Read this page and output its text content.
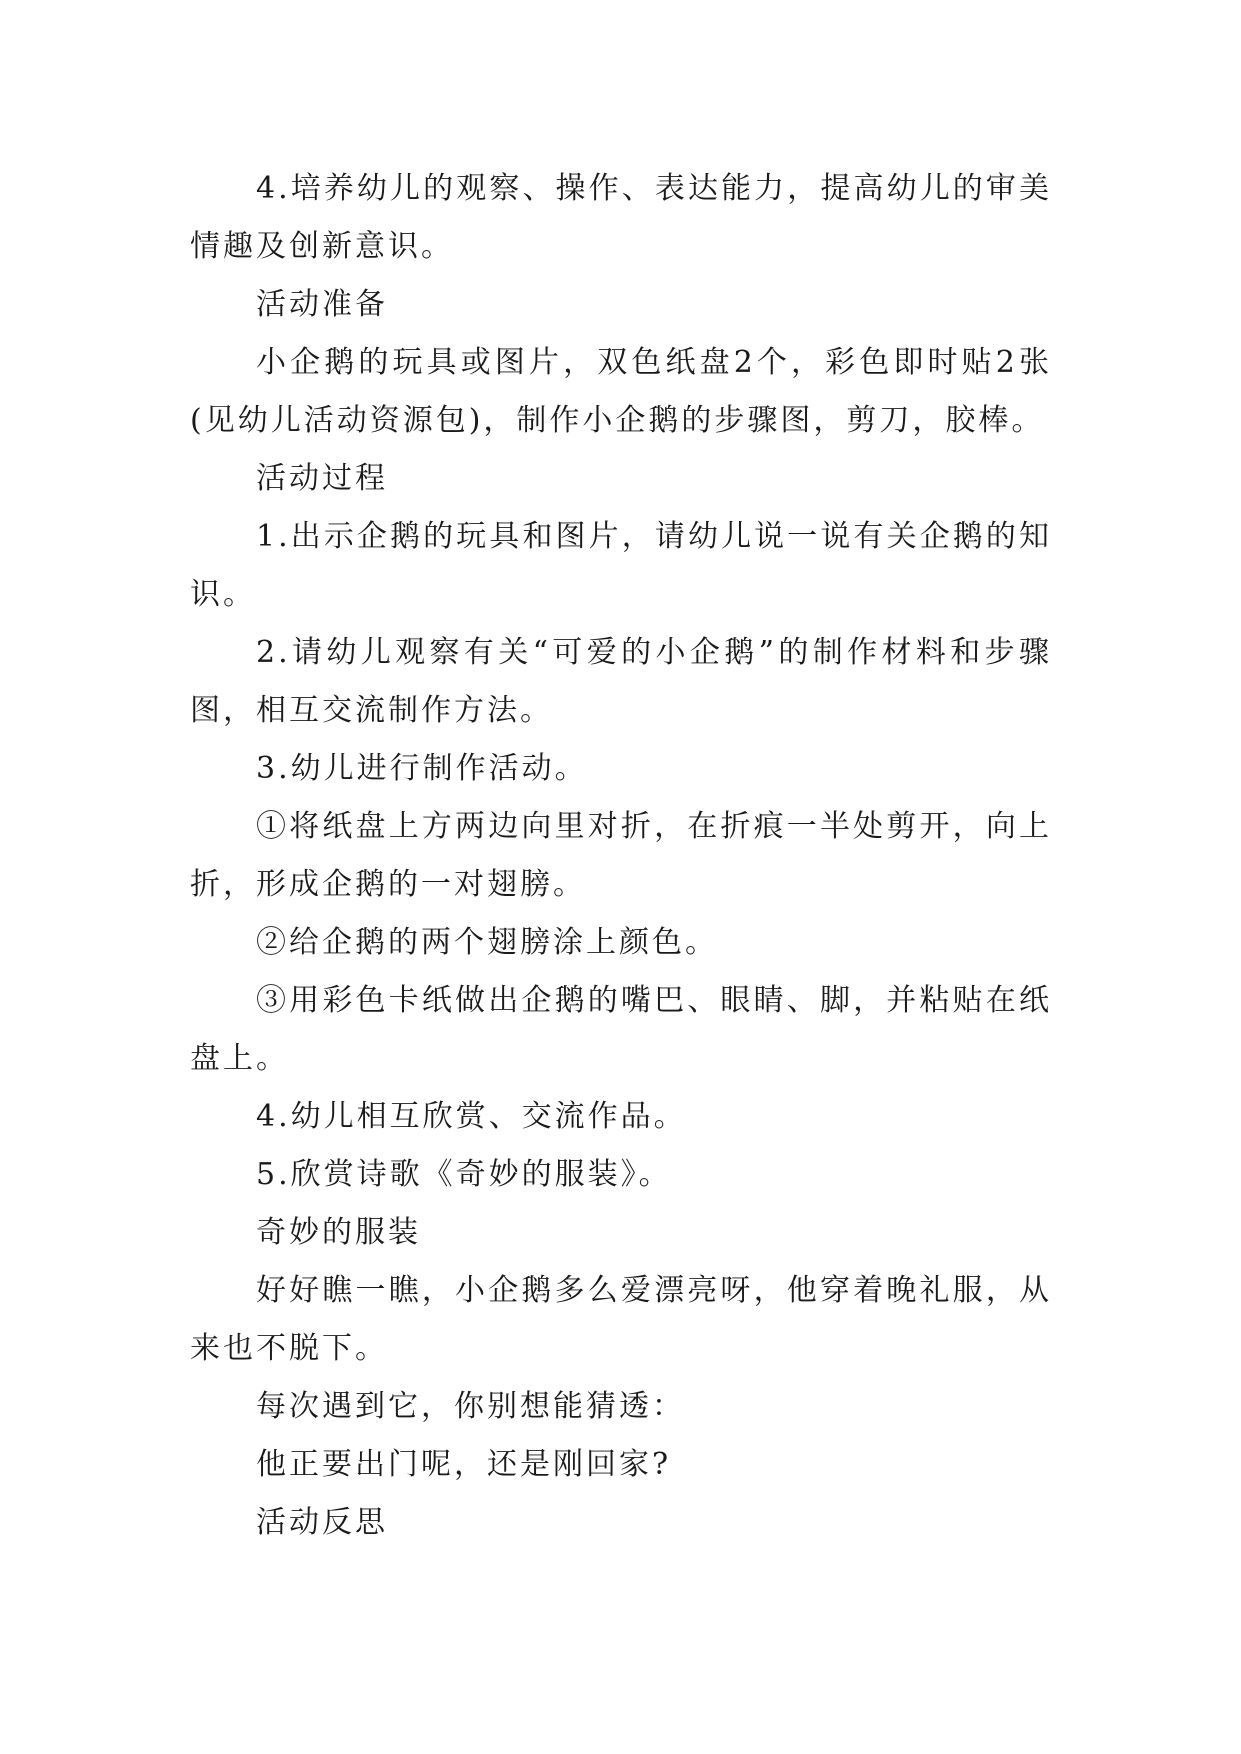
4.培养幼儿的观察、操作、表达能力，提高幼儿的审美情趣及创新意识。

活动准备

小企鹅的玩具或图片，双色纸盘2个，彩色即时贴2张(见幼儿活动资源包)，制作小企鹅的步骤图，剪刀，胶棒。

活动过程

1.出示企鹅的玩具和图片，请幼儿说一说有关企鹅的知识。

2.请幼儿观察有关“可爱的小企鹅”的制作材料和步骤图，相互交流制作方法。

3.幼儿进行制作活动。

①将纸盘上方两边向里对折，在折痕一半处剪开，向上折，形成企鹅的一对翅膀。

②给企鹅的两个翅膀涂上颜色。

③用彩色卡纸做出企鹅的嘴巴、眼睛、脚，并粘贴在纸盘上。

4.幼儿相互欣赏、交流作品。

5.欣赏诗歌《奇妙的服装》。

奇妙的服装

好好瞧一瞧，小企鹅多么爱漂亮呀，他穿着晚礼服，从来也不脱下。

每次遇到它，你别想能猜透：

他正要出门呢，还是刚回家?

活动反思
